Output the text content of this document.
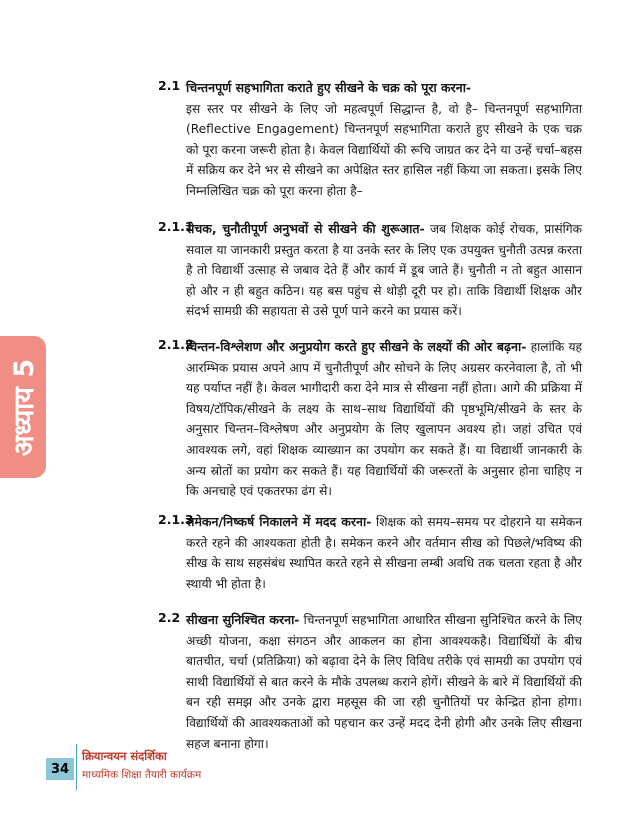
अध्याय 5
2.1 चिन्तनपूर्ण सहभागिता कराते हुए सीखने के चक्र को पूरा करना-

इस स्तर पर सीखने के लिए जो महत्वपूर्ण सिद्धान्त है, वो है– चिन्तनपूर्ण सहभागिता (Reflective Engagement) चिन्तनपूर्ण सहभागिता कराते हुए सीखने के एक चक्र को पूरा करना जरूरी होता है। केवल विद्यार्थियों की रूचि जाग्रत कर देने या उन्हें चर्चा–बहस में सक्रिय कर देने भर से सीखने का अपेक्षित स्तर हासिल नहीं किया जा सकता। इसके लिए निम्नलिखित चक्र को पूरा करना होता है–

2.1.1

रोचक, चुनौतीपूर्ण अनुभवों से सीखने की शुरूआत- जब शिक्षक कोई रोचक, प्रासंगिक सवाल या जानकारी प्रस्तुत करता है या उनके स्तर के लिए एक उपयुक्त चुनौती उत्पन्न करता है तो विद्यार्थी उत्साह से जबाव देते हैं और कार्य में डूब जाते हैं। चुनौती न तो बहुत आसान हो और न ही बहुत कठिन। यह बस पहुंच से थोड़ी दूरी पर हो। ताकि विद्यार्थी शिक्षक और संदर्भ सामग्री की सहायता से उसे पूर्ण पाने करने का प्रयास करें।

2.1.2

चिन्तन-विश्लेशण और अनुप्रयोग करते हुए सीखने के लक्ष्यों की ओर बढ़ना- हालांकि यह आरम्भिक प्रयास अपने आप में चुनौतीपूर्ण और सोचने के लिए अग्रसर करनेवाला है, तो भी यह पर्याप्त नहीं है। केवल भागीदारी करा देने मात्र से सीखना नहीं होता। आगे की प्रक्रिया में विषय/टॉपिक/सीखने के लक्ष्य के साथ–साथ विद्यार्थियों की पृष्ठभूमि/सीखने के स्तर के अनुसार चिन्तन–विश्लेषण और अनुप्रयोग के लिए खुलापन अवश्य हो। जहां उचित एवं आवश्यक लगे, वहां शिक्षक व्याख्यान का उपयोग कर सकते हैं। या विद्यार्थी जानकारी के अन्य स्रोतों का प्रयोग कर सकते हैं। यह विद्यार्थियों की जरूरतों के अनुसार होना चाहिए न कि अनचाहे एवं एकतरफा ढंग से।

2.1.3

समेकन/निष्कर्ष निकालने में मदद करना- शिक्षक को समय–समय पर दोहराने या समेकन करते रहने की आश्यकता होती है। समेकन करने और वर्तमान सीख को पिछले/भविष्य की सीख के साथ सहसंबंध स्थापित करते रहने से सीखना लम्बी अवधि तक चलता रहता है और स्थायी भी होता है।

2.2 सीखना सुनिश्चित करना- चिन्तनपूर्ण सहभागिता आधारित सीखना सुनिश्चित करने के लिए अच्छी योजना, कक्षा संगठन और आकलन का होना आवश्यकहै। विद्यार्थियों के बीच बातचीत, चर्चा (प्रतिक्रिया) को बढ़ावा देने के लिए विविध तरीके एवं सामग्री का उपयोग एवं साथी विद्यार्थियों से बात करने के मौके उपलब्ध कराने होगें। सीखने के बारे में विद्यार्थियों की बन रही समझ और उनके द्वारा महसूस की जा रही चुनौतियों पर केन्द्रित होना होगा। विद्यार्थियों की आवश्यकताओं को पहचान कर उन्हें मदद देनी होगी और उनके लिए सीखना सहज बनाना होगा।

34
क्रियान्वयन संदर्शिका
माध्यमिक शिक्षा तैयारी कार्यक्रम
